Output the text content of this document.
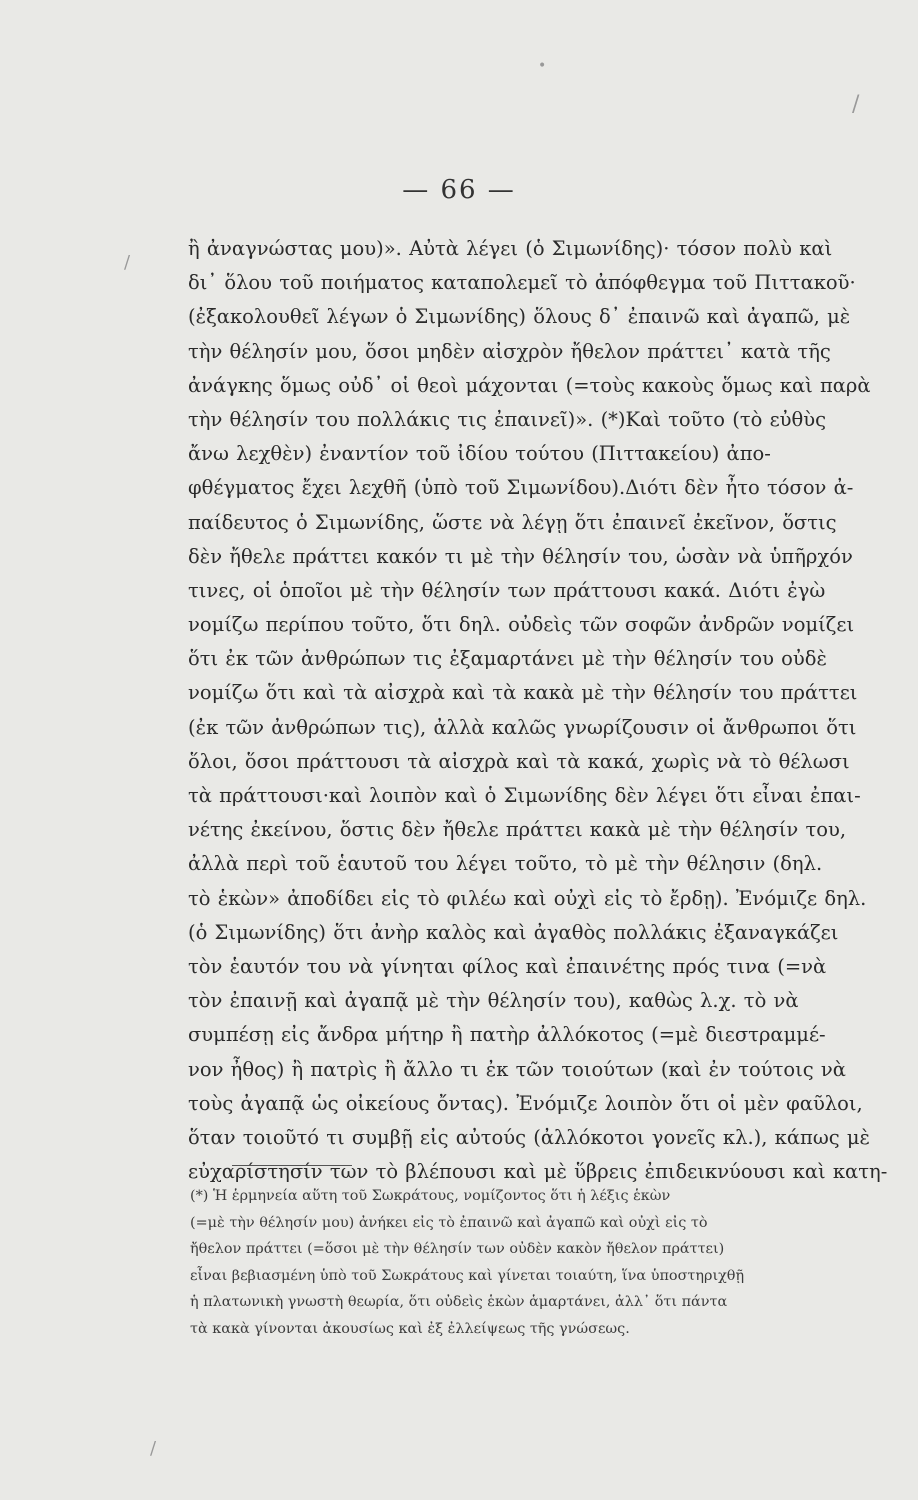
•
/
/
— 66 —
ἢ ἀναγνώστας μου)». Αὐτὰ λέγει (ὁ Σιμωνίδης)· τόσον πολὺ καὶ
δι᾽ ὅλου τοῦ ποιήματος καταπολεμεῖ τὸ ἀπόφθεγμα τοῦ Πιττακοῦ·
(ἐξακολουθεῖ λέγων ὁ Σιμωνίδης) ὅλους δ᾽ ἐπαινῶ καὶ ἀγαπῶ, μὲ
τὴν θέλησίν μου, ὅσοι μηδὲν αἰσχρὸν ἤθελον πράττει᾽ κατὰ τῆς
ἀνάγκης ὅμως οὐδ᾽ οἱ θεοὶ μάχονται (=τοὺς κακοὺς ὅμως καὶ παρὰ
τὴν θέλησίν του πολλάκις τις ἐπαινεῖ)». (*)Καὶ τοῦτο (τὸ εὐθὺς
ἄνω λεχθὲν) ἐναντίον τοῦ ἰδίου τούτου (Πιττακείου) ἀπο-
φθέγματος ἔχει λεχθῆ (ὑπὸ τοῦ Σιμωνίδου).Διότι δὲν ἦτο τόσον ἀ-
παίδευτος ὁ Σιμωνίδης, ὥστε νὰ λέγῃ ὅτι ἐπαινεῖ ἐκεῖνον, ὅστις
δὲν ἤθελε πράττει κακόν τι μὲ τὴν θέλησίν του, ὡσὰν νὰ ὑπῆρχόν
τινες, οἱ ὁποῖοι μὲ τὴν θέλησίν των πράττουσι κακά. Διότι ἐγὼ
νομίζω περίπου τοῦτο, ὅτι δηλ. οὐδεὶς τῶν σοφῶν ἀνδρῶν νομίζει
ὅτι ἐκ τῶν ἀνθρώπων τις ἐξαμαρτάνει μὲ τὴν θέλησίν του οὐδὲ
νομίζω ὅτι καὶ τὰ αἰσχρὰ καὶ τὰ κακὰ μὲ τὴν θέλησίν του πράττει
(ἐκ τῶν ἀνθρώπων τις), ἀλλὰ καλῶς γνωρίζουσιν οἱ ἄνθρωποι ὅτι
ὅλοι, ὅσοι πράττουσι τὰ αἰσχρὰ καὶ τὰ κακά, χωρὶς νὰ τὸ θέλωσι
τὰ πράττουσι·καὶ λοιπὸν καὶ ὁ Σιμωνίδης δὲν λέγει ὅτι εἶναι ἐπαι-
νέτης ἐκείνου, ὅστις δὲν ἤθελε πράττει κακὰ μὲ τὴν θέλησίν του,
ἀλλὰ περὶ τοῦ ἑαυτοῦ του λέγει τοῦτο, τὸ μὲ τὴν θέλησιν (δηλ.
τὸ ἑκὼν» ἀποδίδει εἰς τὸ φιλέω καὶ οὐχὶ εἰς τὸ ἔρδῃ). Ἐνόμιζε δηλ.
(ὁ Σιμωνίδης) ὅτι ἀνὴρ καλὸς καὶ ἀγαθὸς πολλάκις ἐξαναγκάζει
τὸν ἑαυτόν του νὰ γίνηται φίλος καὶ ἐπαινέτης πρός τινα (=νὰ
τὸν ἐπαινῇ καὶ ἀγαπᾷ μὲ τὴν θέλησίν του), καθὼς λ.χ. τὸ νὰ
συμπέσῃ εἰς ἄνδρα μήτηρ ἢ πατὴρ ἀλλόκοτος (=μὲ διεστραμμέ-
νον ἦθος) ἢ πατρὶς ἢ ἄλλο τι ἐκ τῶν τοιούτων (καὶ ἐν τούτοις νὰ
τοὺς ἀγαπᾷ ὡς οἰκείους ὄντας). Ἐνόμιζε λοιπὸν ὅτι οἱ μὲν φαῦλοι,
ὅταν τοιοῦτό τι συμβῇ εἰς αὐτούς (ἀλλόκοτοι γονεῖς κλ.), κάπως μὲ
εὐχαρίστησίν των τὸ βλέπουσι καὶ μὲ ὕβρεις ἐπιδεικνύουσι καὶ κατη-
(*) Ἡ ἑρμηνεία αὕτη τοῦ Σωκράτους, νομίζοντος ὅτι ἡ λέξις ἑκὼν
(=μὲ τὴν θέλησίν μου) ἀνήκει εἰς τὸ ἐπαινῶ καὶ ἀγαπῶ καὶ οὐχὶ εἰς τὸ
ἤθελον πράττει (=ὅσοι μὲ τὴν θέλησίν των οὐδὲν κακὸν ἤθελον πράττει)
εἶναι βεβιασμένη ὑπὸ τοῦ Σωκράτους καὶ γίνεται τοιαύτη, ἵνα ὑποστηριχθῇ
ἡ πλατωνικὴ γνωστὴ θεωρία, ὅτι οὐδεὶς ἑκὼν ἁμαρτάνει, ἀλλ᾽ ὅτι πάντα
τὰ κακὰ γίνονται ἀκουσίως καὶ ἐξ ἐλλείψεως τῆς γνώσεως.
/
